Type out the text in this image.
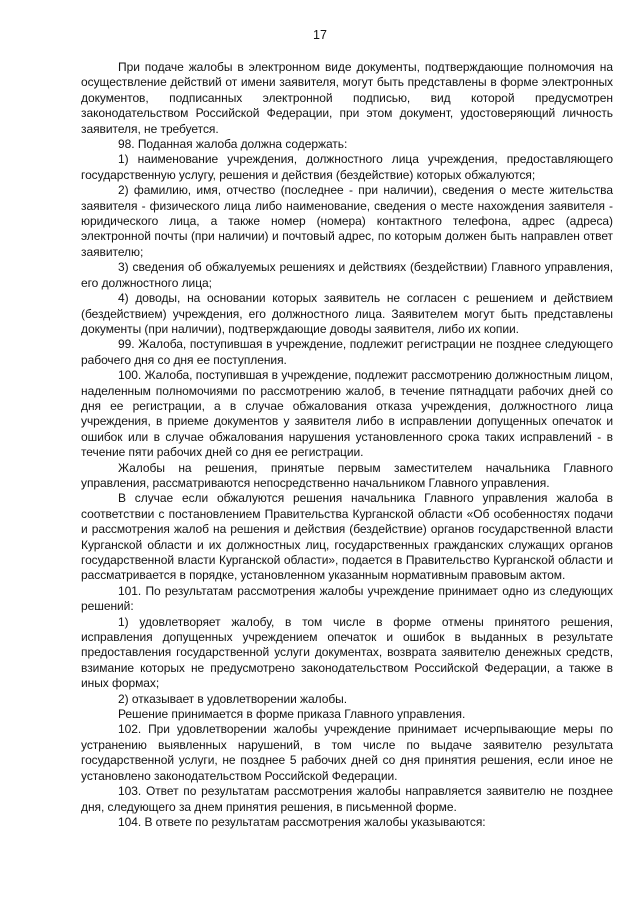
17

При подаче жалобы в электронном виде документы, подтверждающие полномочия на осуществление действий от имени заявителя, могут быть представлены в форме электронных документов, подписанных электронной подписью, вид которой предусмотрен законодательством Российской Федерации, при этом документ, удостоверяющий личность заявителя, не требуется.

98. Поданная жалоба должна содержать:

1) наименование учреждения, должностного лица учреждения, предоставляющего государственную услугу, решения и действия (бездействие) которых обжалуются;

2) фамилию, имя, отчество (последнее - при наличии), сведения о месте жительства заявителя - физического лица либо наименование, сведения о месте нахождения заявителя - юридического лица, а также номер (номера) контактного телефона, адрес (адреса) электронной почты (при наличии) и почтовый адрес, по которым должен быть направлен ответ заявителю;

3) сведения об обжалуемых решениях и действиях (бездействии) Главного управления, его должностного лица;

4) доводы, на основании которых заявитель не согласен с решением и действием (бездействием) учреждения, его должностного лица. Заявителем могут быть представлены документы (при наличии), подтверждающие доводы заявителя, либо их копии.

99. Жалоба, поступившая в учреждение, подлежит регистрации не позднее следующего рабочего дня со дня ее поступления.

100. Жалоба, поступившая в учреждение, подлежит рассмотрению должностным лицом, наделенным полномочиями по рассмотрению жалоб, в течение пятнадцати рабочих дней со дня ее регистрации, а в случае обжалования отказа учреждения, должностного лица учреждения, в приеме документов у заявителя либо в исправлении допущенных опечаток и ошибок или в случае обжалования нарушения установленного срока таких исправлений - в течение пяти рабочих дней со дня ее регистрации.

Жалобы на решения, принятые первым заместителем начальника Главного управления, рассматриваются непосредственно начальником Главного управления.

В случае если обжалуются решения начальника Главного управления жалоба в соответствии с постановлением Правительства Курганской области «Об особенностях подачи и рассмотрения жалоб на решения и действия (бездействие) органов государственной власти Курганской области и их должностных лиц, государственных гражданских служащих органов государственной власти Курганской области», подается в Правительство Курганской области и рассматривается в порядке, установленном указанным нормативным правовым актом.

101. По результатам рассмотрения жалобы учреждение принимает одно из следующих решений:

1) удовлетворяет жалобу, в том числе в форме отмены принятого решения, исправления допущенных учреждением опечаток и ошибок в выданных в результате предоставления государственной услуги документах, возврата заявителю денежных средств, взимание которых не предусмотрено законодательством Российской Федерации, а также в иных формах;

2) отказывает в удовлетворении жалобы.

Решение принимается в форме приказа Главного управления.

102. При удовлетворении жалобы учреждение принимает исчерпывающие меры по устранению выявленных нарушений, в том числе по выдаче заявителю результата государственной услуги, не позднее 5 рабочих дней со дня принятия решения, если иное не установлено законодательством Российской Федерации.

103. Ответ по результатам рассмотрения жалобы направляется заявителю не позднее дня, следующего за днем принятия решения, в письменной форме.

104. В ответе по результатам рассмотрения жалобы указываются:
